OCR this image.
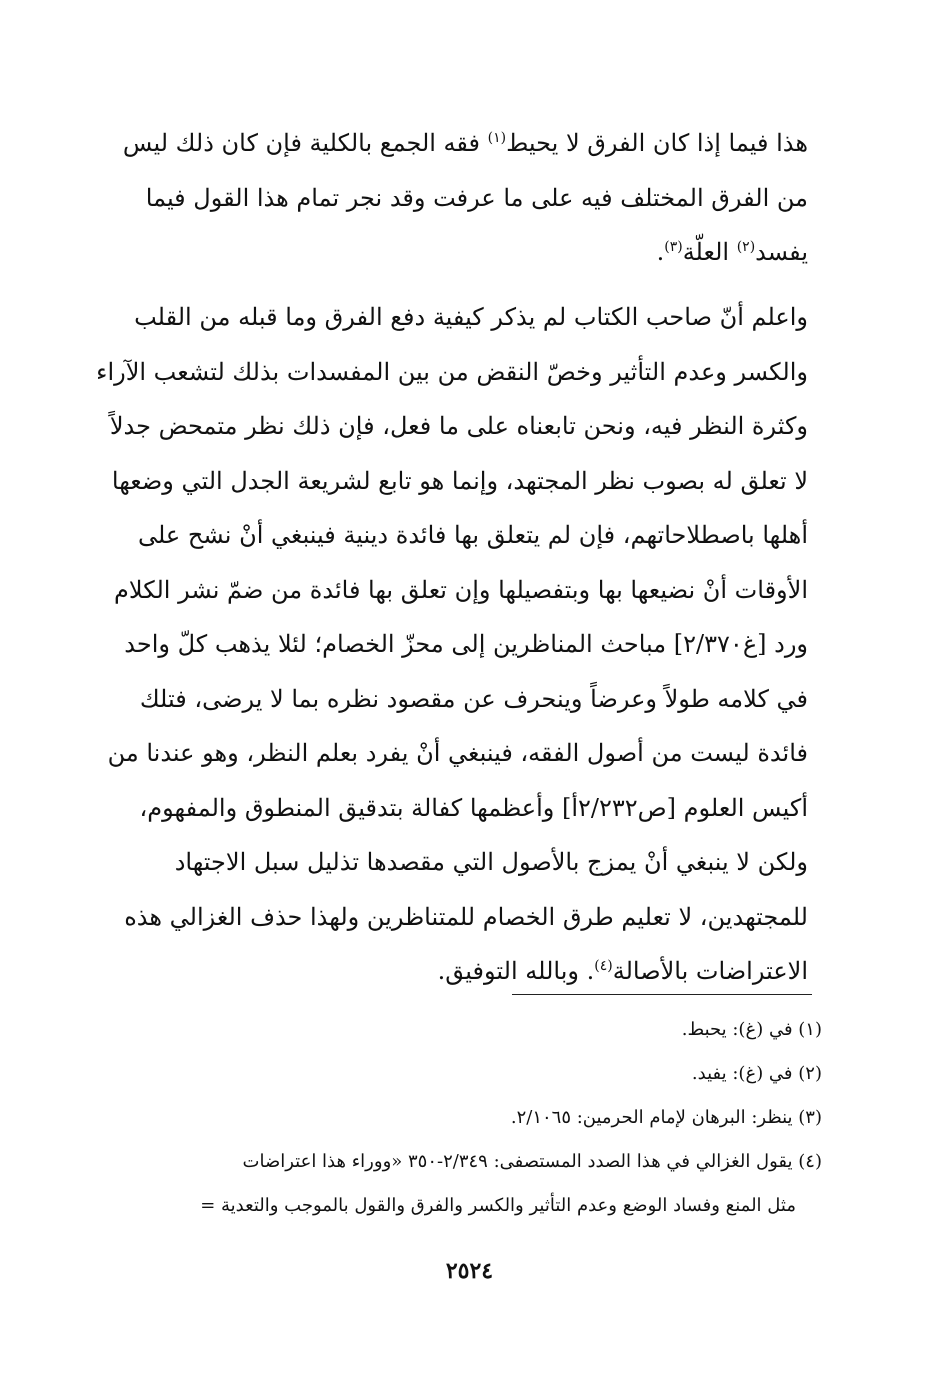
هذا فيما إذا كان الفرق لا يحيط$^{(١)}$ فقه الجمع بالكلية فإن كان ذلك ليس
من الفرق المختلف فيه على ما عرفت وقد نجر تمام هذا القول فيما
يفسد$^{(٢)}$ العلّة$^{(٣)}$.

واعلم أنّ صاحب الكتاب لم يذكر كيفية دفع الفرق وما قبله من القلب
والكسر وعدم التأثير وخصّ النقض من بين المفسدات بذلك لتشعب الآراء
وكثرة النظر فيه، ونحن تابعناه على ما فعل، فإن ذلك نظر متمحض جدلاً
لا تعلق له بصوب نظر المجتهد، وإنما هو تابع لشريعة الجدل التي وضعها
أهلها باصطلاحاتهم، فإن لم يتعلق بها فائدة دينية فينبغي أنْ نشح على
الأوقات أنْ نضيعها بها وبتفصيلها وإن تعلق بها فائدة من ضمّ نشر الكلام
ورد [غ٢/٣٧٠] مباحث المناظرين إلى محزّ الخصام؛ لئلا يذهب كلّ واحد
في كلامه طولاً وعرضاً وينحرف عن مقصود نظره بما لا يرضى، فتلك
فائدة ليست من أصول الفقه، فينبغي أنْ يفرد بعلم النظر، وهو عندنا من
أكيس العلوم [ص٢/٢٣٢أ] وأعظمها كفالة بتدقيق المنطوق والمفهوم،
ولكن لا ينبغي أنْ يمزج بالأصول التي مقصدها تذليل سبل الاجتهاد
للمجتهدين، لا تعليم طرق الخصام للمتناظرين ولهذا حذف الغزالي هذه
الاعتراضات بالأصالة$^{(٤)}$. وبالله التوفيق.

(١) في (غ): يحبط.
(٢) في (غ): يفيد.
(٣) ينظر: البرهان لإمام الحرمين: ٢/١٠٦٥.
(٤) يقول الغزالي في هذا الصدد المستصفى: ٢/٣٤٩-٣٥٠ «ووراء هذا اعتراضات
مثل المنع وفساد الوضع وعدم التأثير والكسر والفرق والقول بالموجب والتعدية =
٢٥٢٤
